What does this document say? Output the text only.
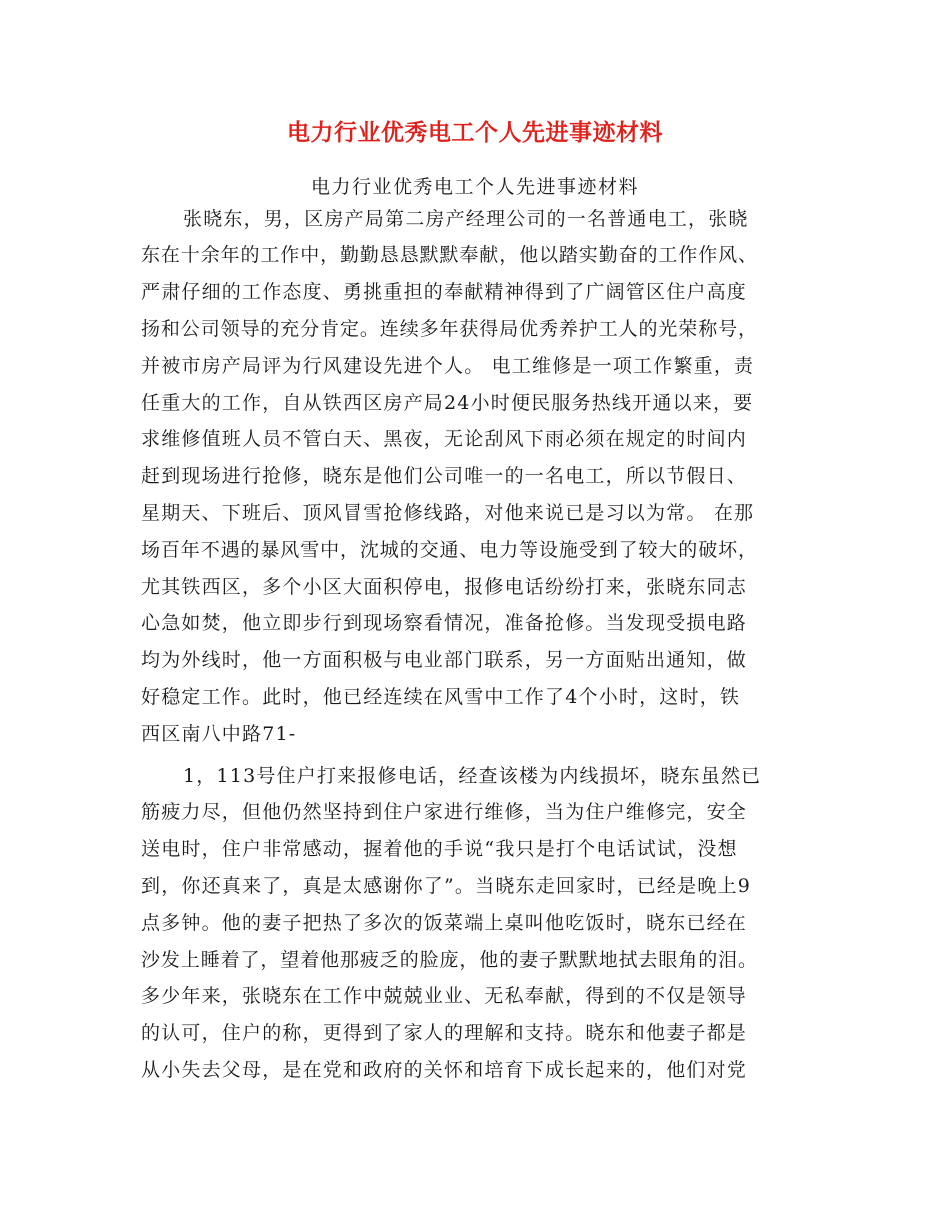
电力行业优秀电工个人先进事迹材料
电力行业优秀电工个人先进事迹材料
张晓东，男，区房产局第二房产经理公司的一名普通电工，张晓
东在十余年的工作中，勤勤恳恳默默奉献，他以踏实勤奋的工作作风、
严肃仔细的工作态度、勇挑重担的奉献精神得到了广阔管区住户高度
扬和公司领导的充分肯定。连续多年获得局优秀养护工人的光荣称号，
并被市房产局评为行风建设先进个人。 电工维修是一项工作繁重，责
任重大的工作，自从铁西区房产局24小时便民服务热线开通以来，要
求维修值班人员不管白天、黑夜，无论刮风下雨必须在规定的时间内
赶到现场进行抢修，晓东是他们公司唯一的一名电工，所以节假日、
星期天、下班后、顶风冒雪抢修线路，对他来说已是习以为常。 在那
场百年不遇的暴风雪中，沈城的交通、电力等设施受到了较大的破坏，
尤其铁西区，多个小区大面积停电，报修电话纷纷打来，张晓东同志
心急如焚，他立即步行到现场察看情况，准备抢修。当发现受损电路
均为外线时，他一方面积极与电业部门联系，另一方面贴出通知，做
好稳定工作。此时，他已经连续在风雪中工作了4个小时，这时，铁
西区南八中路71-
1，113号住户打来报修电话，经查该楼为内线损坏，晓东虽然已
筋疲力尽，但他仍然坚持到住户家进行维修，当为住户维修完，安全
送电时，住户非常感动，握着他的手说“我只是打个电话试试，没想
到，你还真来了，真是太感谢你了”。当晓东走回家时，已经是晚上9
点多钟。他的妻子把热了多次的饭菜端上桌叫他吃饭时，晓东已经在
沙发上睡着了，望着他那疲乏的脸庞，他的妻子默默地拭去眼角的泪。
多少年来，张晓东在工作中兢兢业业、无私奉献，得到的不仅是领导
的认可，住户的称，更得到了家人的理解和支持。晓东和他妻子都是
从小失去父母，是在党和政府的关怀和培育下成长起来的，他们对党
